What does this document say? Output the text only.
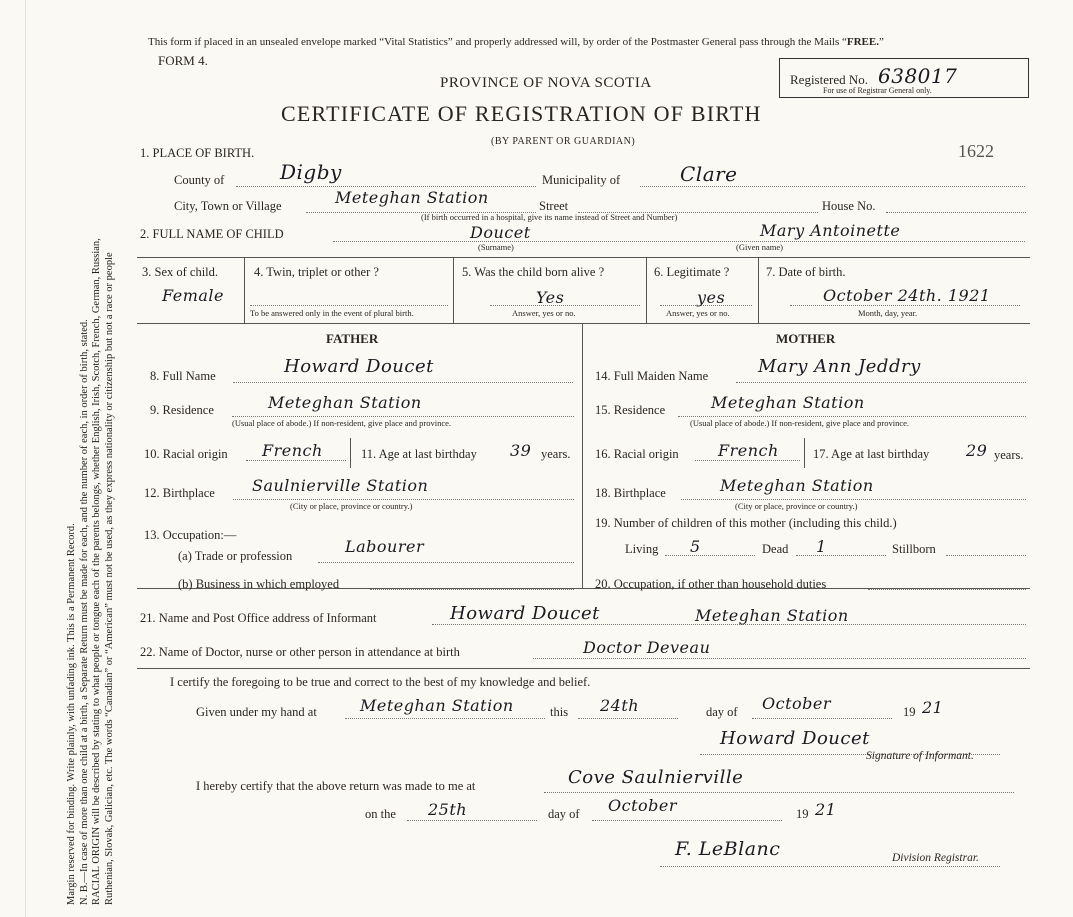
Margin reserved for binding. Write plainly, with unfading ink. This is a Permanent Record. N. B.—In case of more than one child at a birth, a Separate Return must be made for each, and the number of each, in order of birth, stated. RACIAL ORIGIN will be described by stating to what people or tongue each of the parents belongs, whether English, Irish, Scotch, French, German, Russian, Ruthenian, Slovak, Galician, etc. The words “Canadian” or “American” must not be used, as they express nationality or citizenship but not a race or people
This form if placed in an unsealed envelope marked “Vital Statistics” and properly addressed will, by order of the Postmaster General pass through the Mails “FREE.”
FORM 4.
PROVINCE OF NOVA SCOTIA
CERTIFICATE OF REGISTRATION OF BIRTH
(BY PARENT OR GUARDIAN)
Registered No. 638017
For use of Registrar General only.
1622
1. PLACE OF BIRTH.
County of	Digby	Municipality of	Clare
City, Town or Village	Meteghan Station	Street	House No.
(If birth occurred in a hospital, give its name instead of Street and Number)
2. FULL NAME OF CHILD	Doucet
(Surname)
Mary Antoinette
(Given name)
3. Sex of child.
Female
4. Twin, triplet or other ?
To be answered only in the event of plural birth.
5. Was the child born alive ?
Yes
Answer, yes or no.
6. Legitimate ?
yes
Answer, yes or no.
7. Date of birth.
October 24th. 1921
Month, day, year.
FATHER	MOTHER
8. Full Name	Howard Doucet
9. Residence	Meteghan Station
(Usual place of abode.) If non-resident, give place and province.
10. Racial origin French	11. Age at last birthday 39 years.
12. Birthplace Saulnierville Station
(City or place, province or country.)
13. Occupation:—
(a) Trade or profession	Labourer
(b) Business in which employed
14. Full Maiden Name	Mary Ann Jeddry
15. Residence	Meteghan Station
(Usual place of abode.) If non-resident, give place and province.
16. Racial origin French	17. Age at last birthday 29 years.
18. Birthplace	Meteghan Station
(City or place, province or country.)
19. Number of children of this mother (including this child.)
Living 5	Dead 1	Stillborn
20. Occupation, if other than household duties
21. Name and Post Office address of Informant	Howard Doucet	Meteghan Station
22. Name of Doctor, nurse or other person in attendance at birth	Doctor Deveau
I certify the foregoing to be true and correct to the best of my knowledge and belief.
Given under my hand at	Meteghan Station	this 24th	day of October	19 21
Howard Doucet
Signature of Informant.
I hereby certify that the above return was made to me at	Cove Saulnierville
on the 25th	day of October	19 21
F. LeBlanc	Division Registrar.
